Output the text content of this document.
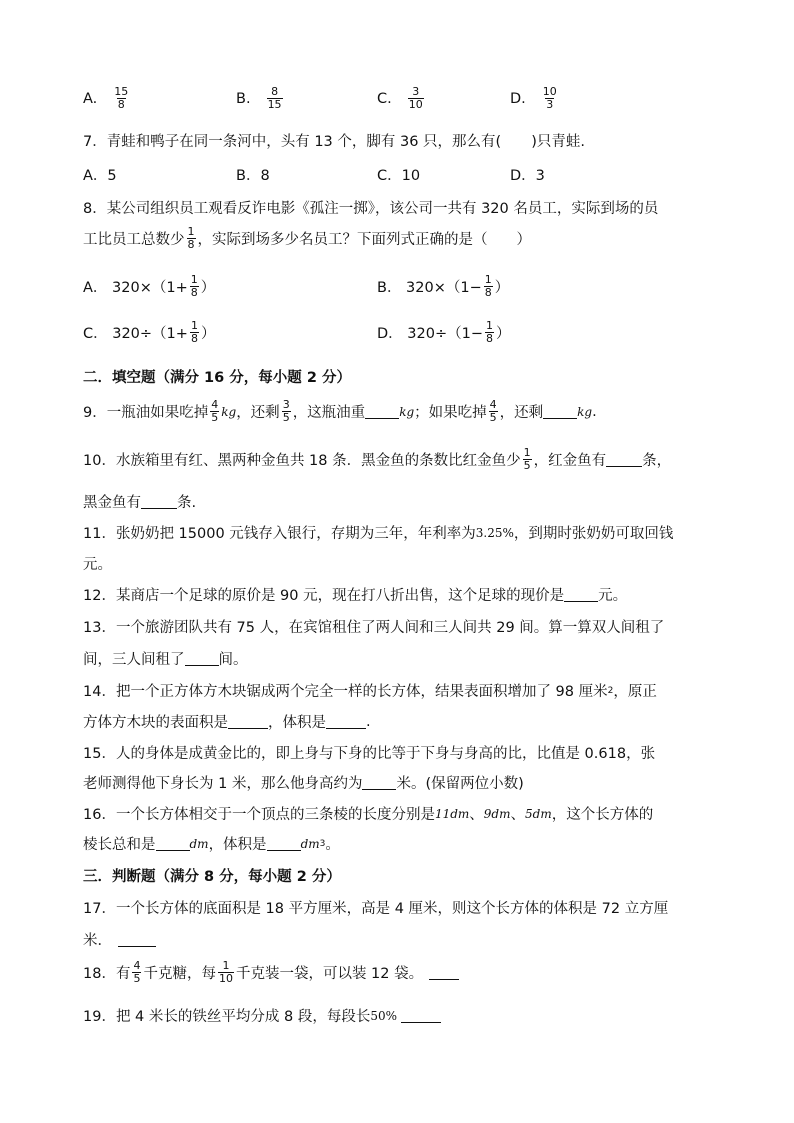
A. $\frac{15}{8}$	B. $\frac{8}{15}$	C. $\frac{3}{10}$	D. $\frac{10}{3}$
7．青蛙和鸭子在同一条河中，头有 13 个，脚有 36 只，那么有( )只青蛙.
A．5	B．8	C．10	D．3
8．某公司组织员工观看反诈电影《孤注一掷》，该公司一共有 320 名员工，实际到场的员
工比员工总数少 $\frac{1}{8}$ ，实际到场多少名员工？下面列式正确的是（　　）
A． $320\times(1+ \frac{1}{8}$ ）	B． $320\times(1- \frac{1}{8}$ ）
C． $320\div(1+ \frac{1}{8}$ ）	D． $320\div(1- \frac{1}{8}$ ）
二．填空题（满分 16 分，每小题 2 分）
9．一瓶油如果吃掉 $\frac{4}{5}$ kg ，还剩 $\frac{3}{5}$ ，这瓶油重	kg ；如果吃掉 $\frac{4}{5}$ ，还剩	kg .
10．水族箱里有红、黑两种金鱼共 18 条．黑金鱼的条数比红金鱼少 $\frac{1}{5}$ ，红金鱼有 条，
黑金鱼有 条.
11．张奶奶把 15000 元钱存入银行，存期为三年，年利率为 3.25% ，到期时张奶奶可取回钱
元。
12．某商店一个足球的原价是 90 元，现在打八折出售，这个足球的现价是 元。
13．一个旅游团队共有 75 人，在宾馆租住了两人间和三人间共 29 间。算一算双人间租了
间，三人间租了 间。
14．把一个正方体方木块锯成两个完全一样的长方体，结果表面积增加了 98 厘米 2 ，原正
方体方木块的表面积是	，体积是	.
15．人的身体是成黄金比的，即上身与下身的比等于下身与身高的比，比值是 0.618，张
老师测得他下身长为 1 米，那么他身高约为 米。(保留两位小数)
16．一个长方体相交于一个顶点的三条棱的长度分别是 11dm 、 9dm 、 5dm ，这个长方体的
棱长总和是	dm ，体积是	dm 3 。
三．判断题（满分 8 分，每小题 2 分）
17．一个长方体的底面积是 18 平方厘米，高是 4 厘米，则这个长方体的体积是 72 立方厘
米．
18．有 $\frac{4}{5}$ 千克糖，每 $\frac{1}{10}$ 千克装一袋，可以装 12 袋。
19．把 4 米长的铁丝平均分成 8 段，每段长 50%
